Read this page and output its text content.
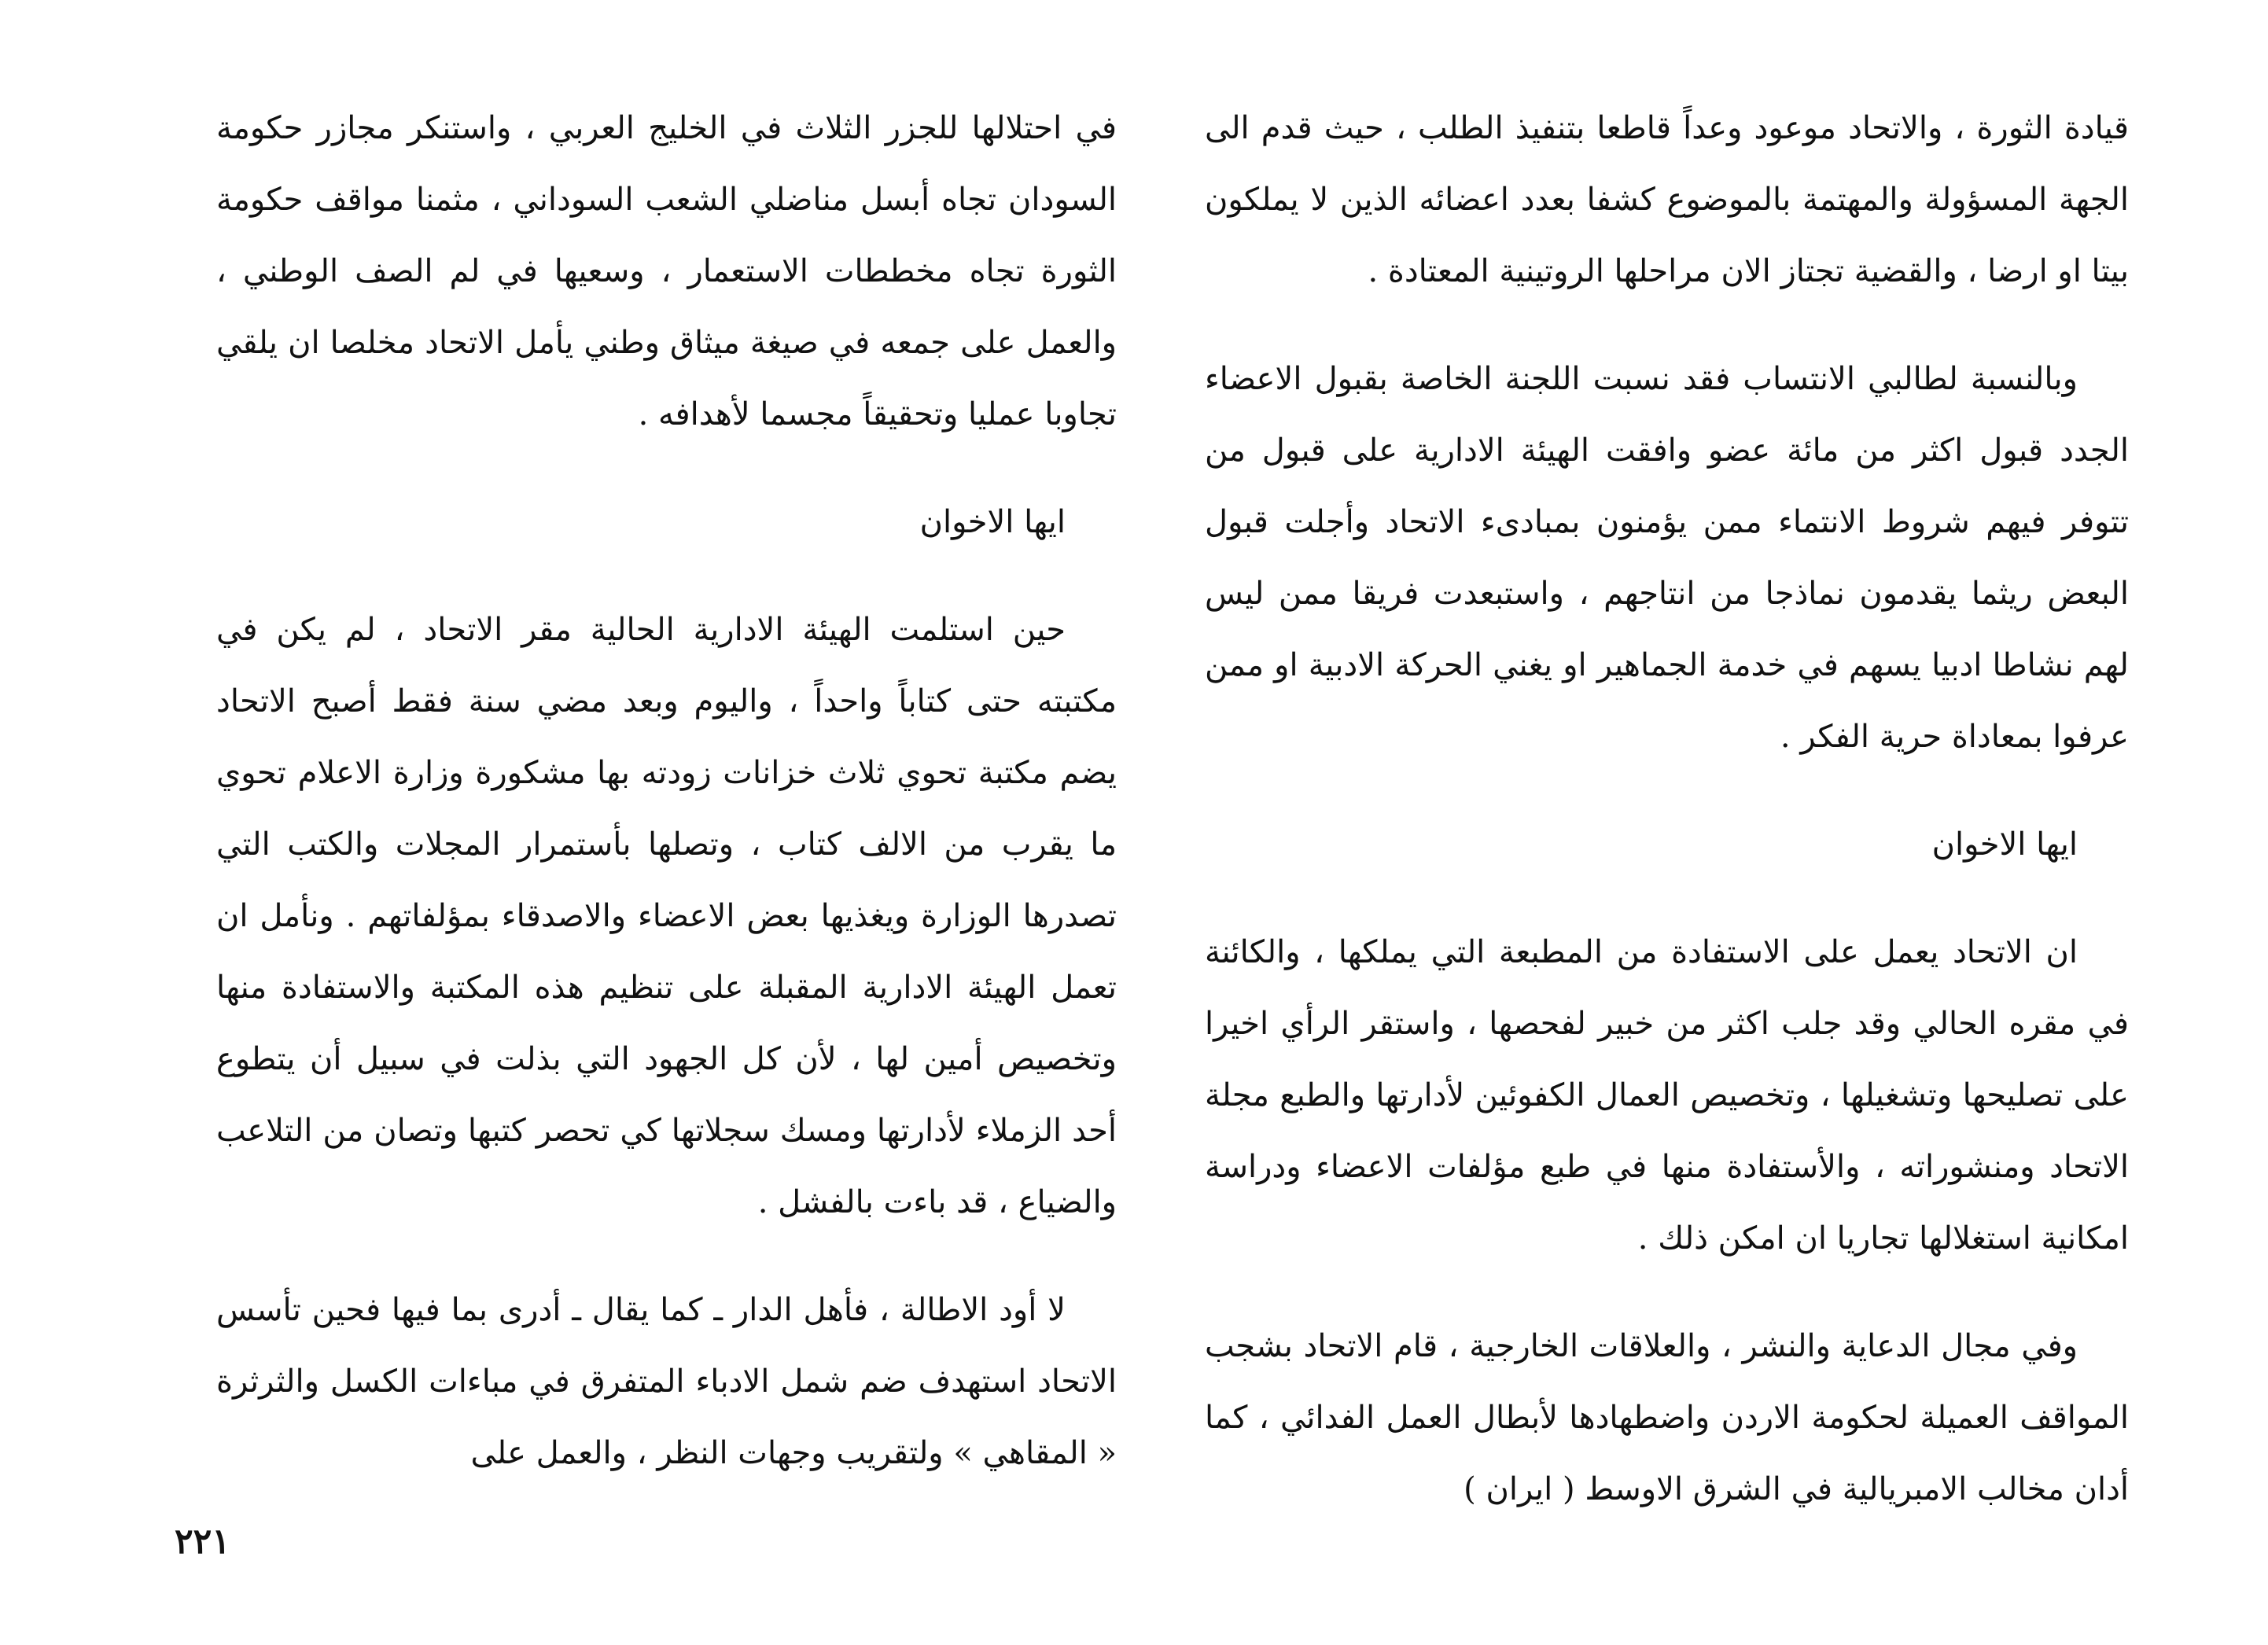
في احتلالها للجزر الثلاث في الخليج العربي ، واستنكر مجازر حكومة السودان تجاه أبسل مناضلي الشعب السوداني ، مثمنا مواقف حكومة الثورة تجاه مخططات الاستعمار ، وسعيها في لم الصف الوطني ، والعمل على جمعه في صيغة ميثاق وطني يأمل الاتحاد مخلصا ان يلقي تجاوبا عمليا وتحقيقاً مجسما لأهدافه .

ايها الاخوان

حين استلمت الهيئة الادارية الحالية مقر الاتحاد ، لم يكن في مكتبته حتى كتاباً واحداً ، واليوم وبعد مضي سنة فقط أصبح الاتحاد يضم مكتبة تحوي ثلاث خزانات زودته بها مشكورة وزارة الاعلام تحوي ما يقرب من الالف كتاب ، وتصلها بأستمرار المجلات والكتب التي تصدرها الوزارة ويغذيها بعض الاعضاء والاصدقاء بمؤلفاتهم . ونأمل ان تعمل الهيئة الادارية المقبلة على تنظيم هذه المكتبة والاستفادة منها وتخصيص أمين لها ، لأن كل الجهود التي بذلت في سبيل أن يتطوع أحد الزملاء لأدارتها ومسك سجلاتها كي تحصر كتبها وتصان من التلاعب والضياع ، قد باءت بالفشل .

لا أود الاطالة ، فأهل الدار ـ كما يقال ـ أدرى بما فيها فحين تأسس الاتحاد استهدف ضم شمل الادباء المتفرق في مباءات الكسل والثرثرة « المقاهي » ولتقريب وجهات النظر ، والعمل على

٢٢١

قيادة الثورة ، والاتحاد موعود وعداً قاطعا بتنفيذ الطلب ، حيث قدم الى الجهة المسؤولة والمهتمة بالموضوع كشفا بعدد اعضائه الذين لا يملكون بيتا او ارضا ، والقضية تجتاز الان مراحلها الروتينية المعتادة .

وبالنسبة لطالبي الانتساب فقد نسبت اللجنة الخاصة بقبول الاعضاء الجدد قبول اكثر من مائة عضو وافقت الهيئة الادارية على قبول من تتوفر فيهم شروط الانتماء ممن يؤمنون بمبادىء الاتحاد وأجلت قبول البعض ريثما يقدمون نماذجا من انتاجهم ، واستبعدت فريقا ممن ليس لهم نشاطا ادبيا يسهم في خدمة الجماهير او يغني الحركة الادبية او ممن عرفوا بمعاداة حرية الفكر .

ايها الاخوان

ان الاتحاد يعمل على الاستفادة من المطبعة التي يملكها ، والكائنة في مقره الحالي وقد جلب اكثر من خبير لفحصها ، واستقر الرأي اخيرا على تصليحها وتشغيلها ، وتخصيص العمال الكفوئين لأدارتها والطبع مجلة الاتحاد ومنشوراته ، والأستفادة منها في طبع مؤلفات الاعضاء ودراسة امكانية استغلالها تجاريا ان امكن ذلك .

وفي مجال الدعاية والنشر ، والعلاقات الخارجية ، قام الاتحاد بشجب المواقف العميلة لحكومة الاردن واضطهادها لأبطال العمل الفدائي ، كما أدان مخالب الامبريالية في الشرق الاوسط ( ايران )
